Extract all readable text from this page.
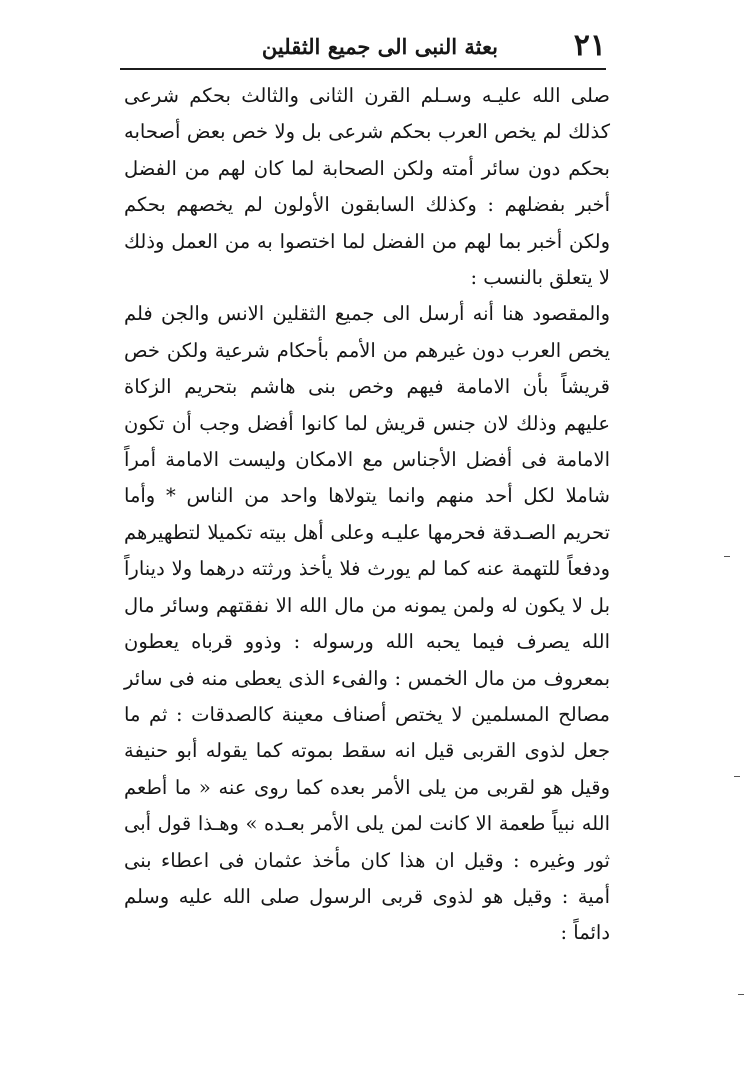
٢١
بعثة النبى الى جميع الثقلين

صلى الله عليـه وسـلم القرن الثانى والثالث بحكم شرعى كذلك لم يخص العرب بحكم شرعى بل ولا خص بعض أصحابه بحكم دون سائر أمته ولكن الصحابة لما كان لهم من الفضل أخبر بفضلهم : وكذلك السابقون الأولون لم يخصهم بحكم ولكن أخبر بما لهم من الفضل لما اختصوا به من العمل وذلك لا يتعلق بالنسب :

والمقصود هنا أنه أرسل الى جميع الثقلين الانس والجن فلم يخص العرب دون غيرهم من الأمم بأحكام شرعية ولكن خص قريشاً بأن الامامة فيهم وخص بنى هاشم بتحريم الزكاة عليهم وذلك لان جنس قريش لما كانوا أفضل وجب أن تكون الامامة فى أفضل الأجناس مع الامكان وليست الامامة أمراً شاملا لكل أحد منهم وانما يتولاها واحد من الناس * وأما تحريم الصـدقة فحرمها عليـه وعلى أهل بيته تكميلا لتطهيرهم ودفعاً للتهمة عنه كما لم يورث فلا يأخذ ورثته درهما ولا ديناراً بل لا يكون له ولمن يمونه من مال الله الا نفقتهم وسائر مال الله يصرف فيما يحبه الله ورسوله : وذوو قرباه يعطون بمعروف من مال الخمس : والفىء الذى يعطى منه فى سائر مصالح المسلمين لا يختص أصناف معينة كالصدقات : ثم ما جعل لذوى القربى قيل انه سقط بموته كما يقوله أبو حنيفة وقيل هو لقربى من يلى الأمر بعده كما روى عنه « ما أطعم الله نبياً طعمة الا كانت لمن يلى الأمر بعـده » وهـذا قول أبى ثور وغيره : وقيل ان هذا كان مأخذ عثمان فى اعطاء بنى أمية : وقيل هو لذوى قربى الرسول صلى الله عليه وسلم دائماً :
